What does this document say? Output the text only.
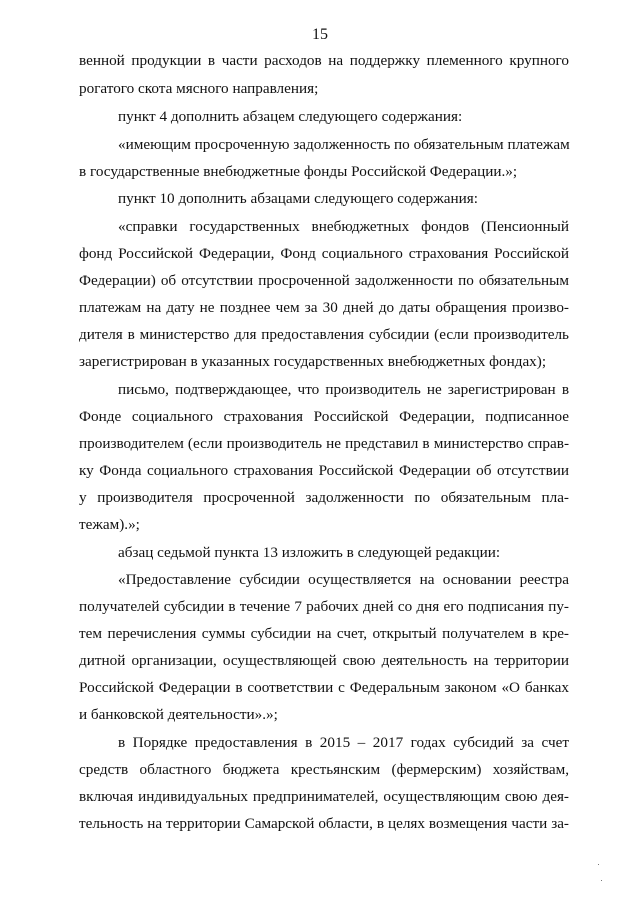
15
венной продукции в части расходов на поддержку племенного крупного
рогатого скота мясного направления;
пункт 4 дополнить абзацем следующего содержания:
«имеющим просроченную задолженность по обязательным платежам
в государственные внебюджетные фонды Российской Федерации.»;
пункт 10 дополнить абзацами следующего содержания:
«справки государственных внебюджетных фондов (Пенсионный
фонд Российской Федерации, Фонд социального страхования Российской
Федерации) об отсутствии просроченной задолженности по обязательным
платежам на дату не позднее чем за 30 дней до даты обращения произво-
дителя в министерство для предоставления субсидии (если производитель
зарегистрирован в указанных государственных внебюджетных фондах);
письмо, подтверждающее, что производитель не зарегистрирован в
Фонде социального страхования Российской Федерации, подписанное
производителем (если производитель не представил в министерство справ-
ку Фонда социального страхования Российской Федерации об отсутствии
у производителя просроченной задолженности по обязательным пла-
тежам).»;
абзац седьмой пункта 13 изложить в следующей редакции:
«Предоставление субсидии осуществляется на основании реестра
получателей субсидии в течение 7 рабочих дней со дня его подписания пу-
тем перечисления суммы субсидии на счет, открытый получателем в кре-
дитной организации, осуществляющей свою деятельность на территории
Российской Федерации в соответствии с Федеральным законом «О банках
и банковской деятельности».»;
в Порядке предоставления в 2015 – 2017 годах субсидий за счет
средств областного бюджета крестьянским (фермерским) хозяйствам,
включая индивидуальных предпринимателей, осуществляющим свою дея-
тельность на территории Самарской области, в целях возмещения части за-
